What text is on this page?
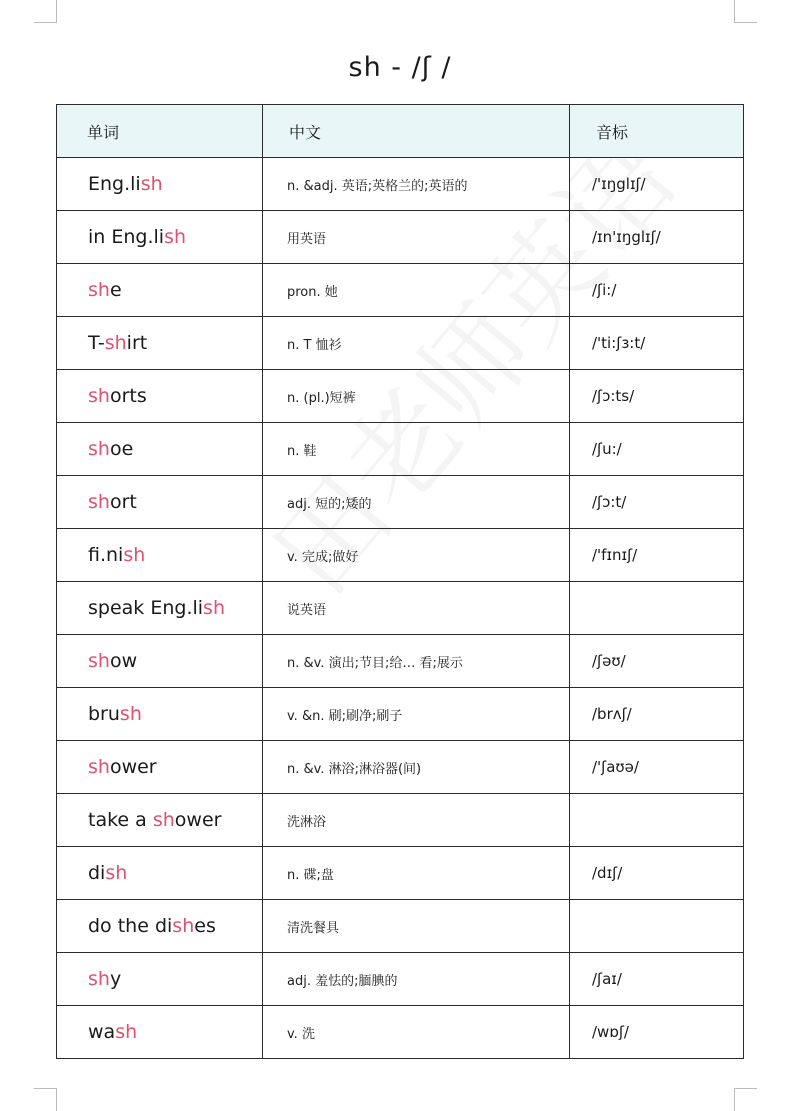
sh - /ʃ /
单词	中文	音标
Eng.lish	n. &adj. 英语;英格兰的;英语的	/'ɪŋglɪʃ/
in Eng.lish	用英语	/ɪn'ɪŋglɪʃ/
she	pron. 她	/ʃi:/
T-shirt	n. T 恤衫	/'ti:ʃɜ:t/
shorts	n. (pl.)短裤	/ʃɔ:ts/
shoe	n. 鞋	/ʃu:/
short	adj. 短的;矮的	/ʃɔ:t/
fi.nish	v. 完成;做好	/'fɪnɪʃ/
speak Eng.lish	说英语	
show	n. &v. 演出;节目;给… 看;展示	/ʃəʊ/
brush	v. &n. 刷;刷净;刷子	/brʌʃ/
shower	n. &v. 淋浴;淋浴器(间)	/'ʃaʊə/
take a shower	洗淋浴	
dish	n. 碟;盘	/dɪʃ/
do the dishes	清洗餐具	
shy	adj. 羞怯的;腼腆的	/ʃaɪ/
wash	v. 洗	/wɒʃ/
